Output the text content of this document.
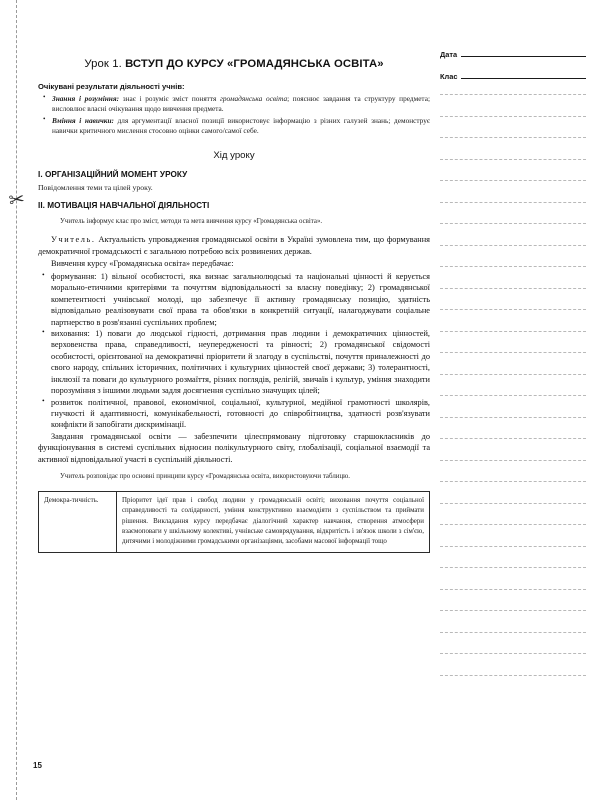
✂
Урок 1. ВСТУП ДО КУРСУ «ГРОМАДЯНСЬКА ОСВІТА»
Очікувані результати діяльності учнів:
• Знання і розуміння: знає і розуміє зміст поняття громадянська освіта; пояснює завдання та структуру предмета; висловлює власні очікування щодо вивчення предмета.
• Вміння і навички: для аргументації власної позиції використовує інформацію з різних галузей знань; демонструє навички критичного мислення стосовно оцінки самого/самої себе.
Хід уроку
I. ОРГАНІЗАЦІЙНИЙ МОМЕНТ УРОКУ
Повідомлення теми та цілей уроку.
II. МОТИВАЦІЯ НАВЧАЛЬНОЇ ДІЯЛЬНОСТІ
Учитель інформує клас про зміст, методи та мета вивчення курсу «Громадянська освіта».
Учитель. Актуальність упровадження громадянської освіти в Україні зумовлена тим, що формування демократичної громадськості є загальною потребою всіх розвинених держав.
Вивчення курсу «Громадянська освіта» передбачає:
• формування: 1) вільної особистості, яка визнає загальнолюдські та національні цінності й керується морально-етичними критеріями та почуттям відповідальності за власну поведінку; 2) громадянської компетентності учнівської молоді, що забезпечує її активну громадянську позицію, здатність відповідально реалізовувати свої права та обов'язки в конкретній ситуації, налагоджувати соціальне партнерство в розв'язанні суспільних проблем;
• виховання: 1) поваги до людської гідності, дотримання прав людини і демократичних цінностей, верховенства права, справедливості, неупередженості та рівності; 2) громадянської свідомості особистості, орієнтованої на демократичні пріоритети й злагоду в суспільстві, почуття приналежності до свого народу, спільних історичних, політичних і культурних цінностей своєї держави; 3) толерантності, інклюзії та поваги до культурного розмаїття, різних поглядів, релігій, звичаїв і культур, уміння знаходити порозуміння з іншими людьми задля досягнення суспільно значущих цілей;
• розвиток політичної, правової, економічної, соціальної, культурної, медійної грамотності школярів, гнучкості й адаптивності, комунікабельності, готовності до співробітництва, здатності розв'язувати конфлікти й запобігати дискримінації.
Завдання громадянської освіти — забезпечити цілеспрямовану підготовку старшокласників до функціонування в системі суспільних відносин полікультурного світу, глобалізації, соціальної взаємодії та активної відповідальної участі в суспільній діяльності.
Учитель розповідає про основні принципи курсу «Громадянська освіта, використовуючи таблицю.
Демокра-тичність.	Пріоритет ідеї прав і свобод людини у громадянській освіті; виховання почуття соціальної справедливості та солідарності, уміння конструктивно взаємодіяти з суспільством та приймати рішення. Викладання курсу передбачає діалогічний характер навчання, створення атмосфери взаємоповаги у шкільному колективі, учнівське самоврядування, відкритість і зв'язок школи з сім'єю, дитячими і молодіжними громадськими організаціями, засобами масової інформації тощо
Дата
Клас
15
